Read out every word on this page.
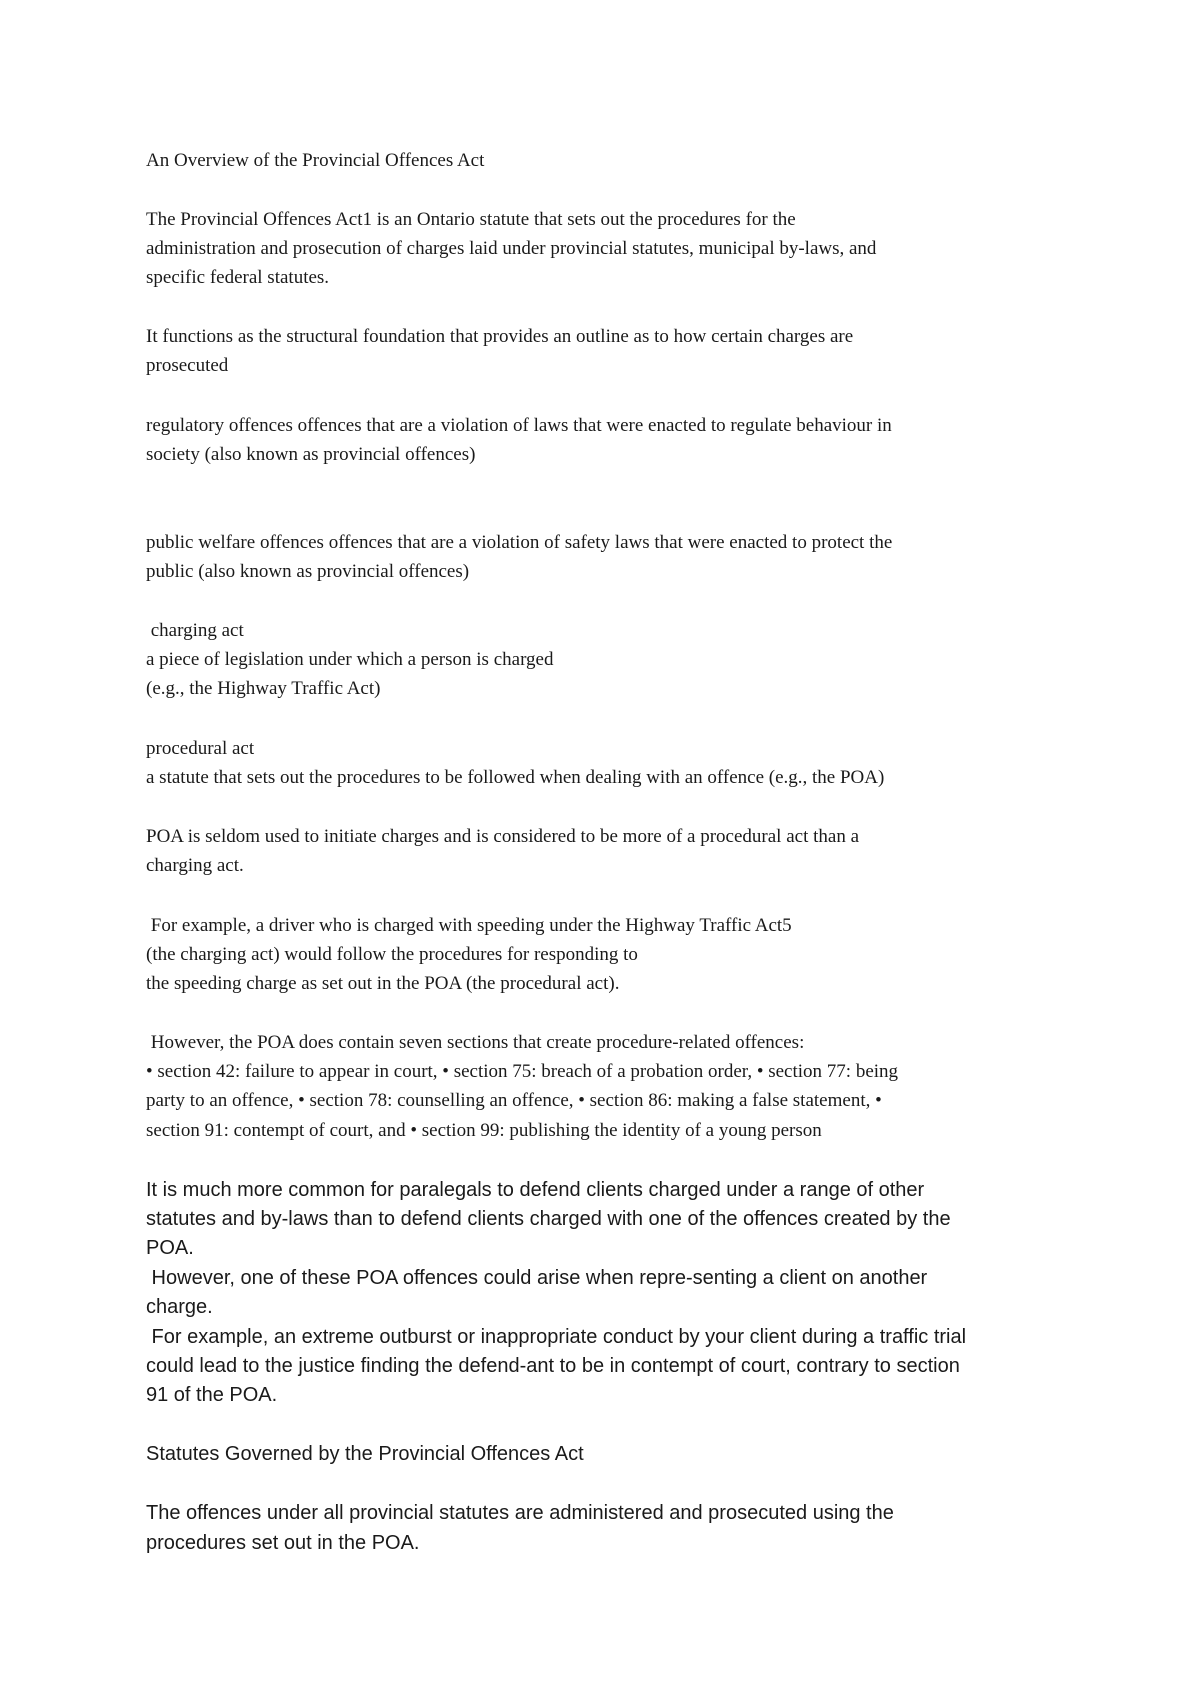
An Overview of the Provincial Offences Act

The Provincial Offences Act1 is an Ontario statute that sets out the procedures for the

administration and prosecution of charges laid under provincial statutes, municipal by-laws, and

specific federal statutes.

It functions as the structural foundation that provides an outline as to how certain charges are

prosecuted

regulatory offences offences that are a violation of laws that were enacted to regulate behaviour in

society (also known as provincial offences)

public welfare offences offences that are a violation of safety laws that were enacted to protect the

public (also known as provincial offences)

charging act

a piece of legislation under which a person is charged

(e.g., the Highway Traffic Act)

procedural act

a statute that sets out the procedures to be followed when dealing with an offence (e.g., the POA)

POA is seldom used to initiate charges and is considered to be more of a procedural act than a

charging act.

For example, a driver who is charged with speeding under the Highway Traffic Act5

(the charging act) would follow the procedures for responding to

the speeding charge as set out in the POA (the procedural act).

However, the POA does contain seven sections that create procedure-related offences:

• section 42: failure to appear in court, • section 75: breach of a probation order, • section 77: being

party to an offence, • section 78: counselling an offence, • section 86: making a false statement, •

section 91: contempt of court, and • section 99: publishing the identity of a young person

It is much more common for paralegals to defend clients charged under a range of other

statutes and by-laws than to defend clients charged with one of the offences created by the

POA.

However, one of these POA offences could arise when repre-senting a client on another

charge.

For example, an extreme outburst or inappropriate conduct by your client during a traffic trial

could lead to the justice finding the defend-ant to be in contempt of court, contrary to section

91 of the POA.

Statutes Governed by the Provincial Offences Act

The offences under all provincial statutes are administered and prosecuted using the

procedures set out in the POA.
